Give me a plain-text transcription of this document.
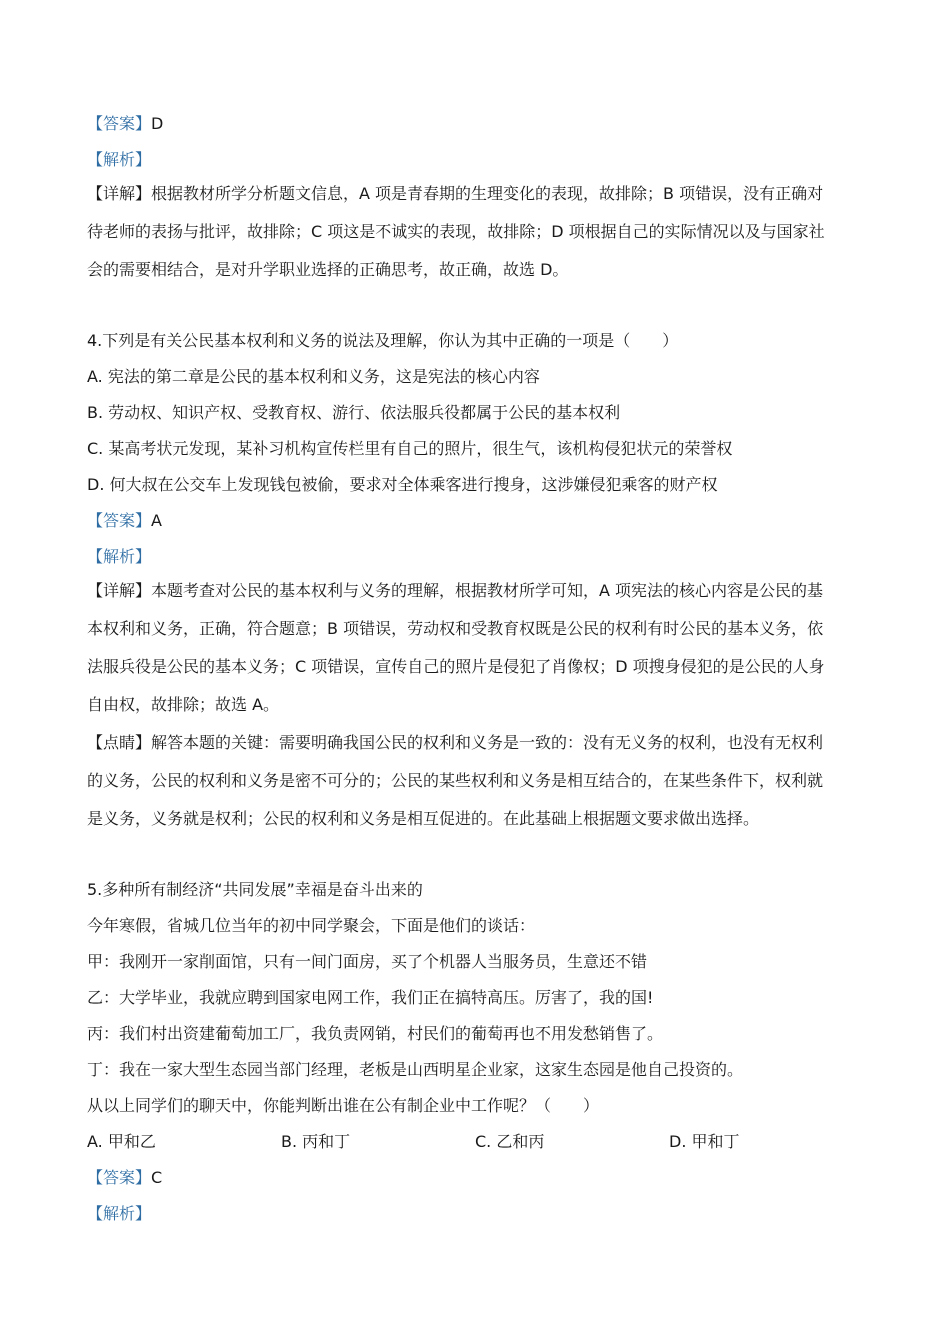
【答案】D
【解析】
【详解】根据教材所学分析题文信息，A 项是青春期的生理变化的表现，故排除；B 项错误，没有正确对
待老师的表扬与批评，故排除；C 项这是不诚实的表现，故排除；D 项根据自己的实际情况以及与国家社
会的需要相结合，是对升学职业选择的正确思考，故正确，故选 D。
4.下列是有关公民基本权利和义务的说法及理解，你认为其中正确的一项是（　　）
A. 宪法的第二章是公民的基本权利和义务，这是宪法的核心内容
B. 劳动权、知识产权、受教育权、游行、依法服兵役都属于公民的基本权利
C. 某高考状元发现，某补习机构宣传栏里有自己的照片，很生气，该机构侵犯状元的荣誉权
D. 何大叔在公交车上发现钱包被偷，要求对全体乘客进行搜身，这涉嫌侵犯乘客的财产权
【答案】A
【解析】
【详解】本题考查对公民的基本权利与义务的理解，根据教材所学可知，A 项宪法的核心内容是公民的基
本权利和义务，正确，符合题意；B 项错误，劳动权和受教育权既是公民的权利有时公民的基本义务，依
法服兵役是公民的基本义务；C 项错误，宣传自己的照片是侵犯了肖像权；D 项搜身侵犯的是公民的人身
自由权，故排除；故选 A。
【点睛】解答本题的关键：需要明确我国公民的权利和义务是一致的：没有无义务的权利，也没有无权利
的义务，公民的权利和义务是密不可分的；公民的某些权利和义务是相互结合的，在某些条件下，权利就
是义务，义务就是权利；公民的权利和义务是相互促进的。在此基础上根据题文要求做出选择。
5.多种所有制经济“共同发展”幸福是奋斗出来的
今年寒假，省城几位当年的初中同学聚会，下面是他们的谈话：
甲：我刚开一家削面馆，只有一间门面房，买了个机器人当服务员，生意还不错
乙：大学毕业，我就应聘到国家电网工作，我们正在搞特高压。厉害了，我的国!
丙：我们村出资建葡萄加工厂，我负责网销，村民们的葡萄再也不用发愁销售了。
丁：我在一家大型生态园当部门经理，老板是山西明星企业家，这家生态园是他自己投资的。
从以上同学们的聊天中，你能判断出谁在公有制企业中工作呢？（　　）
A. 甲和乙	B. 丙和丁	C. 乙和丙	D. 甲和丁
【答案】C
【解析】
